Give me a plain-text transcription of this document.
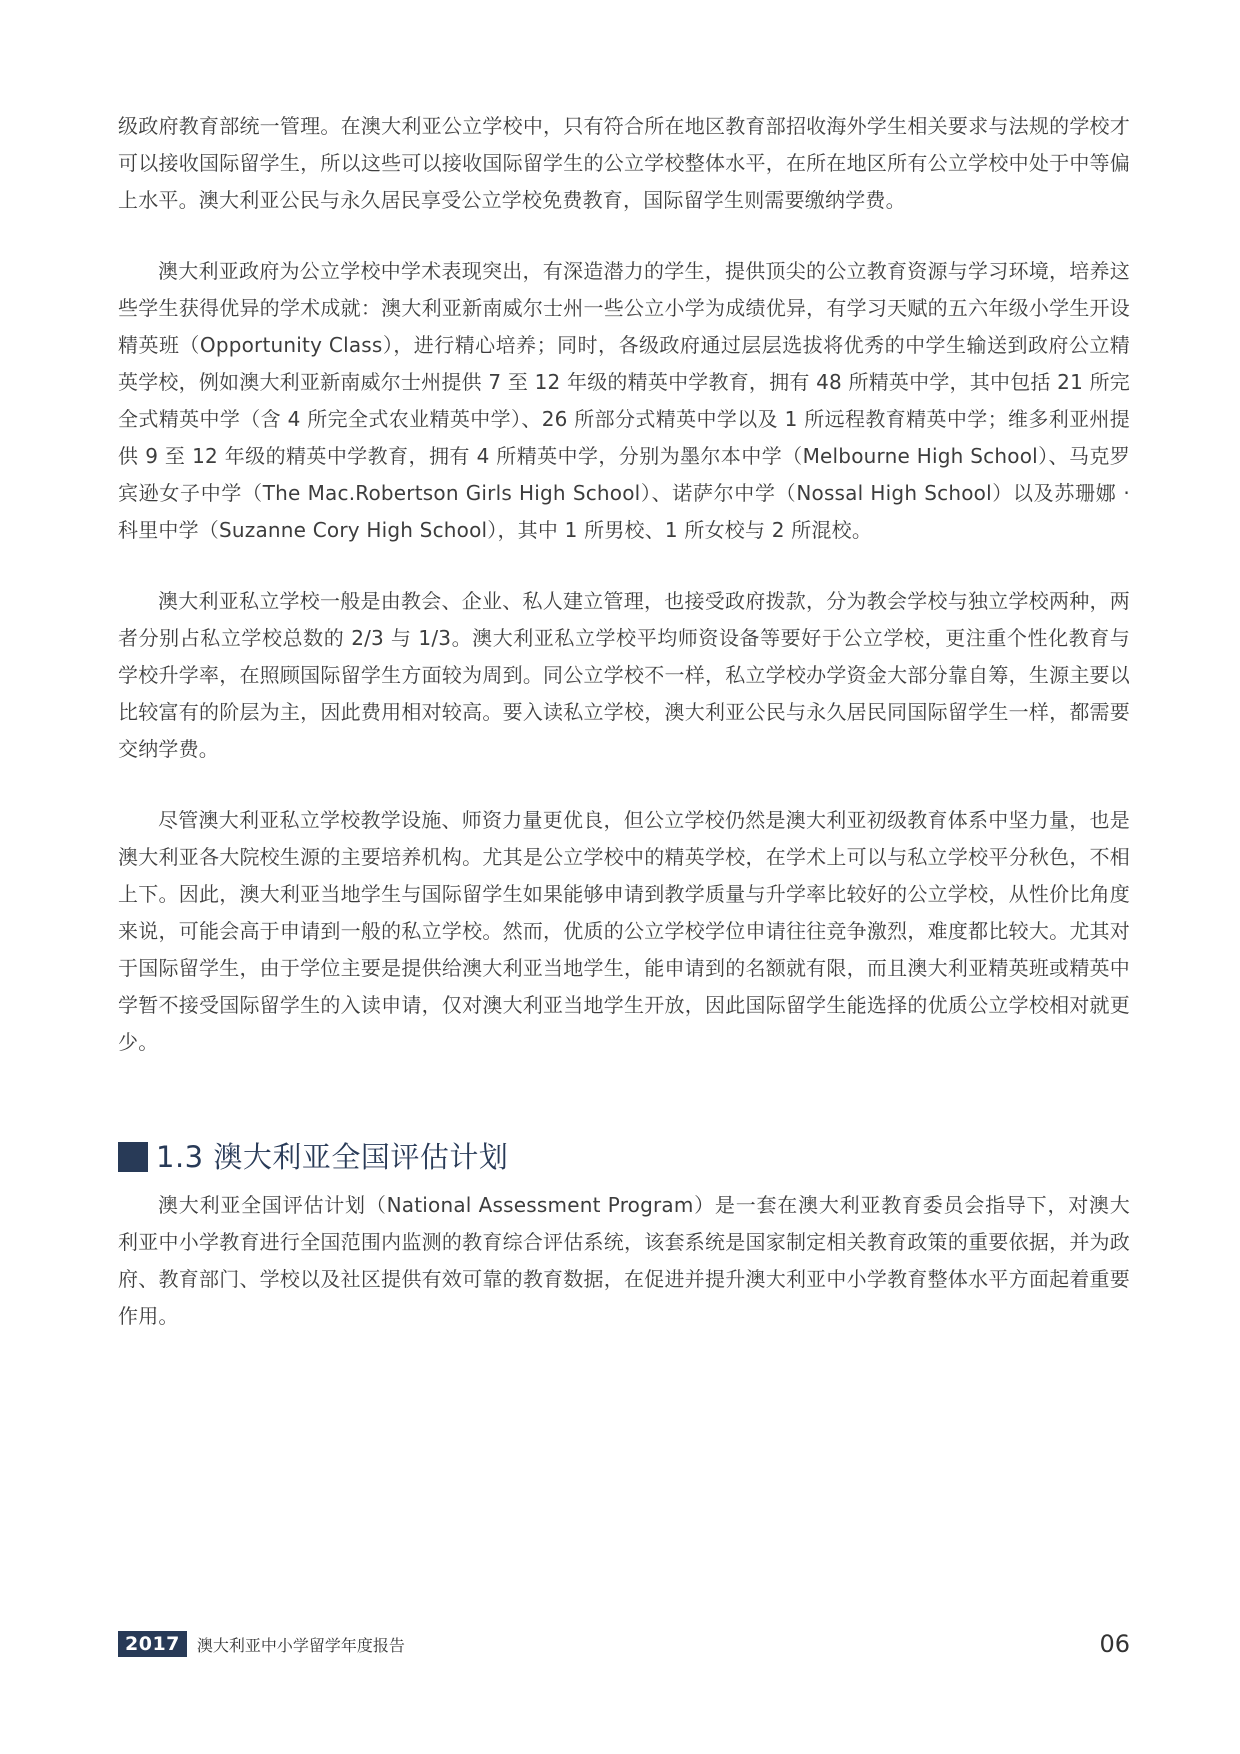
级政府教育部统一管理。在澳大利亚公立学校中，只有符合所在地区教育部招收海外学生相关要求与法规的学校才可以接收国际留学生，所以这些可以接收国际留学生的公立学校整体水平，在所在地区所有公立学校中处于中等偏上水平。澳大利亚公民与永久居民享受公立学校免费教育，国际留学生则需要缴纳学费。

澳大利亚政府为公立学校中学术表现突出，有深造潜力的学生，提供顶尖的公立教育资源与学习环境，培养这些学生获得优异的学术成就：澳大利亚新南威尔士州一些公立小学为成绩优异，有学习天赋的五六年级小学生开设精英班（Opportunity Class），进行精心培养；同时，各级政府通过层层选拔将优秀的中学生输送到政府公立精英学校，例如澳大利亚新南威尔士州提供 7 至 12 年级的精英中学教育，拥有 48 所精英中学，其中包括 21 所完全式精英中学（含 4 所完全式农业精英中学）、26 所部分式精英中学以及 1 所远程教育精英中学；维多利亚州提供 9 至 12 年级的精英中学教育，拥有 4 所精英中学，分别为墨尔本中学（Melbourne High School）、马克罗宾逊女子中学（The Mac.Robertson Girls High School）、诺萨尔中学（Nossal High School）以及苏珊娜 · 科里中学（Suzanne Cory High School），其中 1 所男校、1 所女校与 2 所混校。

澳大利亚私立学校一般是由教会、企业、私人建立管理，也接受政府拨款，分为教会学校与独立学校两种，两者分别占私立学校总数的 2/3 与 1/3。澳大利亚私立学校平均师资设备等要好于公立学校，更注重个性化教育与学校升学率，在照顾国际留学生方面较为周到。同公立学校不一样，私立学校办学资金大部分靠自筹，生源主要以比较富有的阶层为主，因此费用相对较高。要入读私立学校，澳大利亚公民与永久居民同国际留学生一样，都需要交纳学费。

尽管澳大利亚私立学校教学设施、师资力量更优良，但公立学校仍然是澳大利亚初级教育体系中坚力量，也是澳大利亚各大院校生源的主要培养机构。尤其是公立学校中的精英学校，在学术上可以与私立学校平分秋色，不相上下。因此，澳大利亚当地学生与国际留学生如果能够申请到教学质量与升学率比较好的公立学校，从性价比角度来说，可能会高于申请到一般的私立学校。然而，优质的公立学校学位申请往往竞争激烈，难度都比较大。尤其对于国际留学生，由于学位主要是提供给澳大利亚当地学生，能申请到的名额就有限，而且澳大利亚精英班或精英中学暂不接受国际留学生的入读申请，仅对澳大利亚当地学生开放，因此国际留学生能选择的优质公立学校相对就更少。

1.3 澳大利亚全国评估计划

澳大利亚全国评估计划（National Assessment Program）是一套在澳大利亚教育委员会指导下，对澳大利亚中小学教育进行全国范围内监测的教育综合评估系统，该套系统是国家制定相关教育政策的重要依据，并为政府、教育部门、学校以及社区提供有效可靠的教育数据，在促进并提升澳大利亚中小学教育整体水平方面起着重要作用。

2017	澳大利亚中小学留学年度报告	06
